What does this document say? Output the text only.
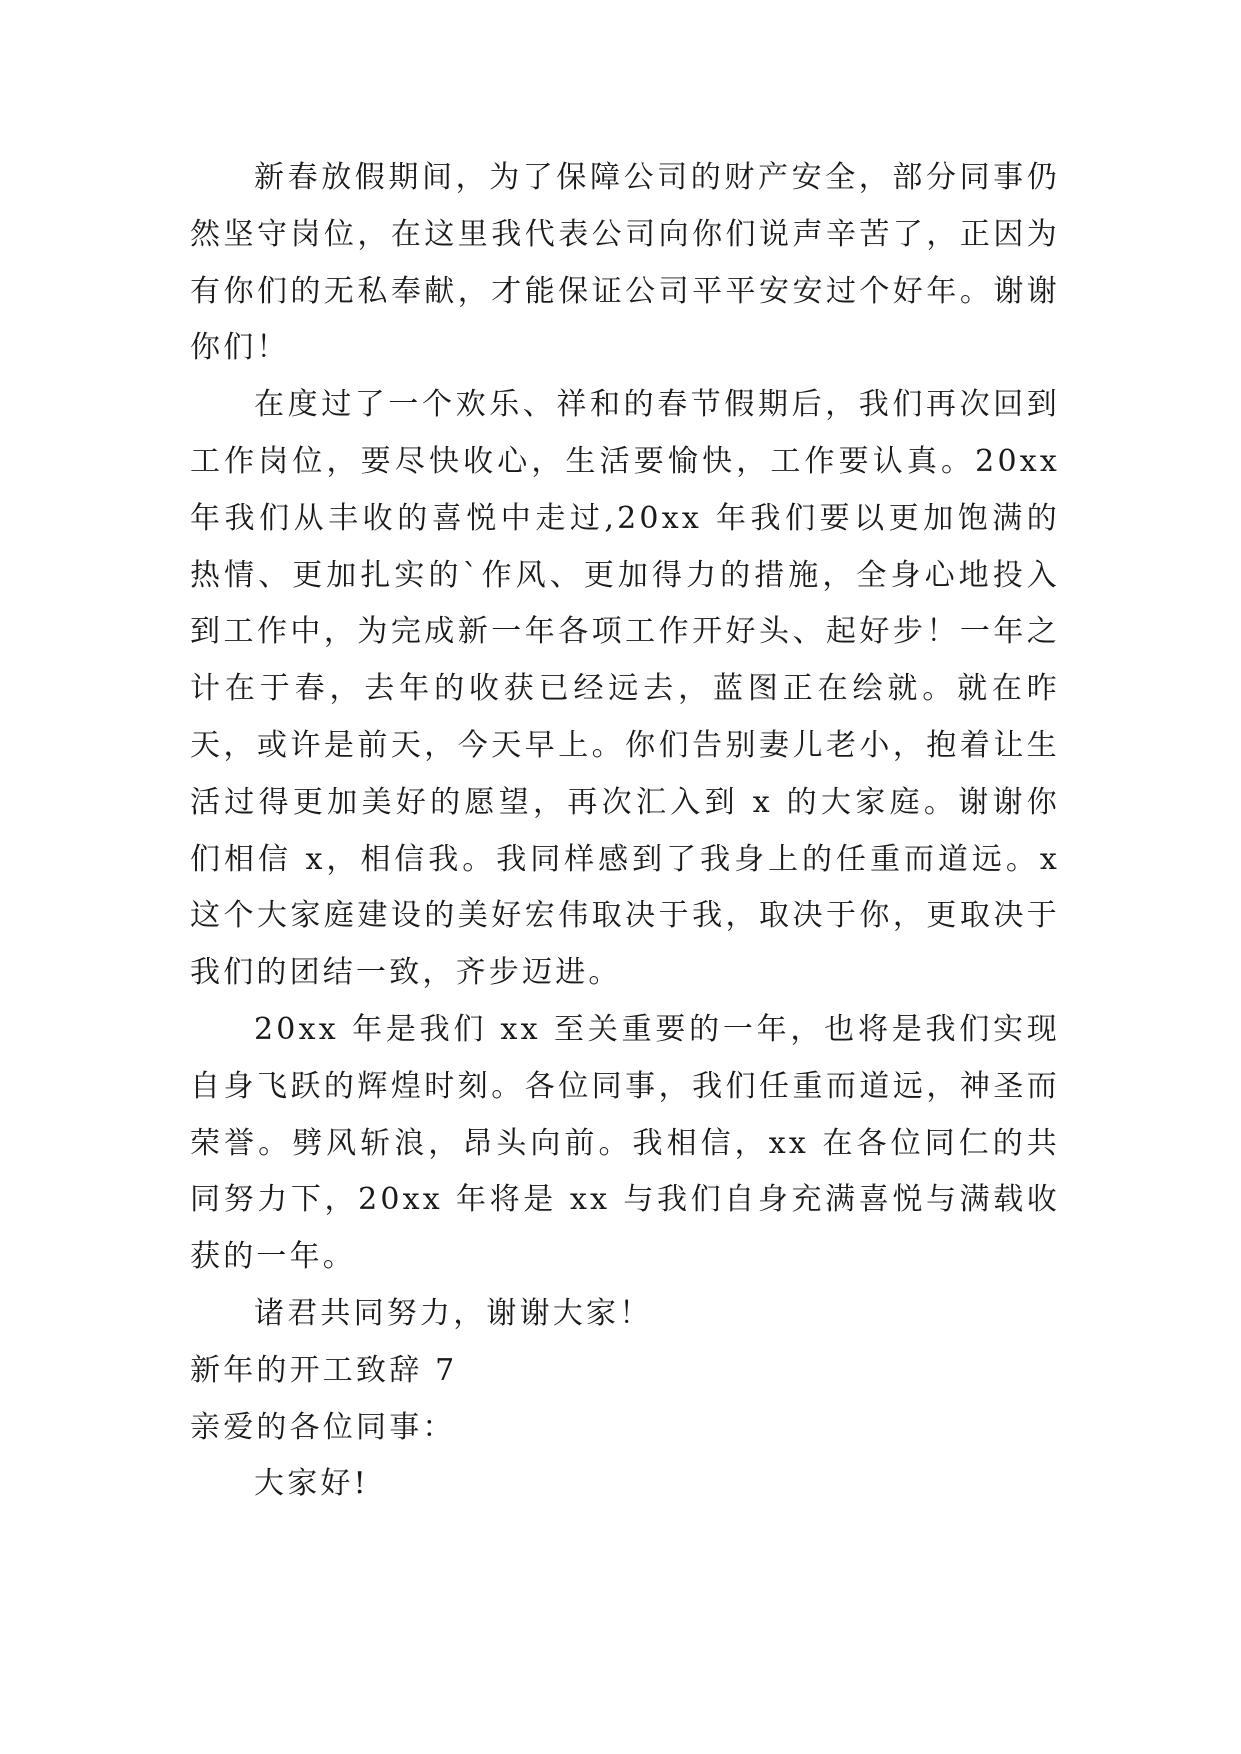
新春放假期间，为了保障公司的财产安全，部分同事仍然坚守岗位，在这里我代表公司向你们说声辛苦了，正因为有你们的无私奉献，才能保证公司平平安安过个好年。谢谢你们！

在度过了一个欢乐、祥和的春节假期后，我们再次回到工作岗位，要尽快收心，生活要愉快，工作要认真。20xx 年我们从丰收的喜悦中走过,20xx 年我们要以更加饱满的热情、更加扎实的`作风、更加得力的措施，全身心地投入到工作中，为完成新一年各项工作开好头、起好步！一年之计在于春，去年的收获已经远去，蓝图正在绘就。就在昨天，或许是前天，今天早上。你们告别妻儿老小，抱着让生活过得更加美好的愿望，再次汇入到 x 的大家庭。谢谢你们相信 x，相信我。我同样感到了我身上的任重而道远。x 这个大家庭建设的美好宏伟取决于我，取决于你，更取决于我们的团结一致，齐步迈进。

20xx 年是我们 xx 至关重要的一年，也将是我们实现自身飞跃的辉煌时刻。各位同事，我们任重而道远，神圣而荣誉。劈风斩浪，昂头向前。我相信，xx 在各位同仁的共同努力下，20xx 年将是 xx 与我们自身充满喜悦与满载收获的一年。

诸君共同努力，谢谢大家！

新年的开工致辞 7

亲爱的各位同事：

大家好!
